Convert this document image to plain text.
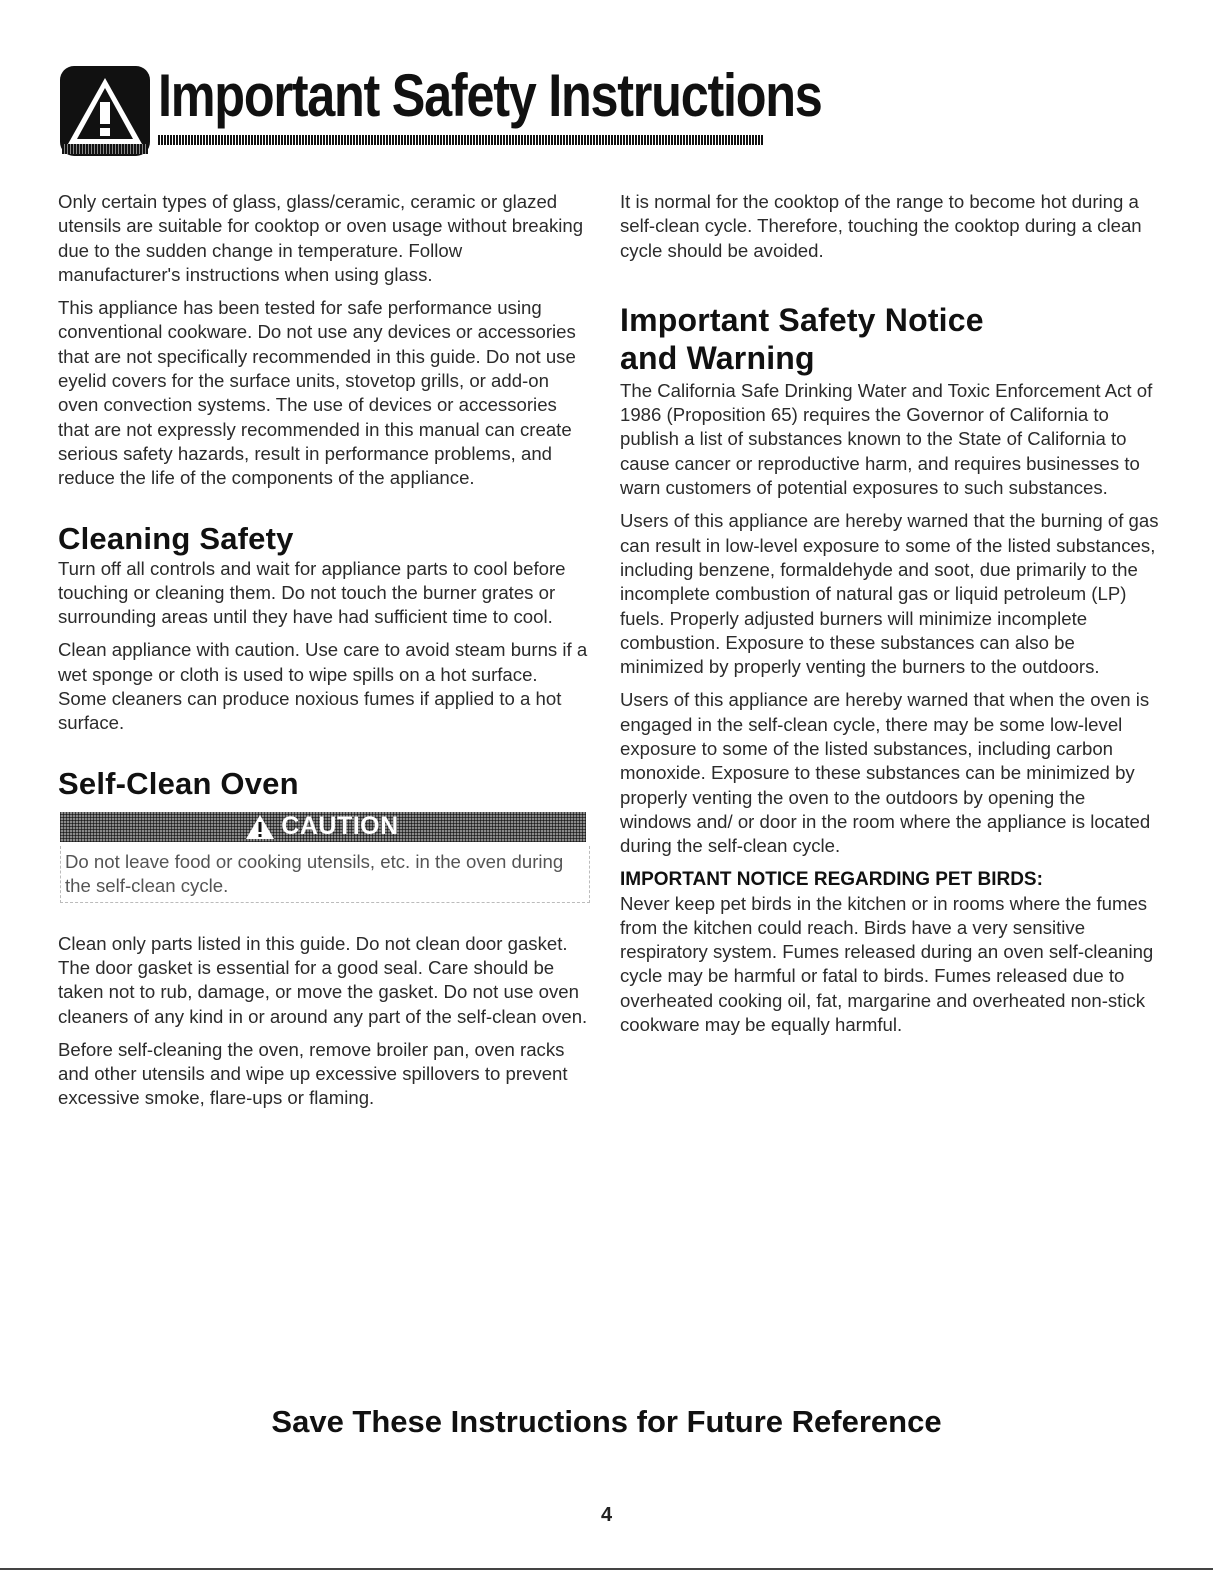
Important Safety Instructions

Only certain types of glass, glass/ceramic, ceramic or glazed utensils are suitable for cooktop or oven usage without breaking due to the sudden change in temperature. Follow manufacturer's instructions when using glass.

This appliance has been tested for safe performance using conventional cookware. Do not use any devices or accessories that are not specifically recommended in this guide. Do not use eyelid covers for the surface units, stovetop grills, or add-on oven convection systems. The use of devices or accessories that are not expressly recommended in this manual can create serious safety hazards, result in performance problems, and reduce the life of the components of the appliance.

Cleaning Safety

Turn off all controls and wait for appliance parts to cool before touching or cleaning them. Do not touch the burner grates or surrounding areas until they have had sufficient time to cool.

Clean appliance with caution. Use care to avoid steam burns if a wet sponge or cloth is used to wipe spills on a hot surface. Some cleaners can produce noxious fumes if applied to a hot surface.

Self-Clean Oven
CAUTION
Do not leave food or cooking utensils, etc. in the oven during the self-clean cycle.

Clean only parts listed in this guide. Do not clean door gasket. The door gasket is essential for a good seal. Care should be taken not to rub, damage, or move the gasket. Do not use oven cleaners of any kind in or around any part of the self-clean oven.

Before self-cleaning the oven, remove broiler pan, oven racks and other utensils and wipe up excessive spillovers to prevent excessive smoke, flare-ups or flaming.

It is normal for the cooktop of the range to become hot during a self-clean cycle. Therefore, touching the cooktop during a clean cycle should be avoided.

Important Safety Notice
and Warning

The California Safe Drinking Water and Toxic Enforcement Act of 1986 (Proposition 65) requires the Governor of California to publish a list of substances known to the State of California to cause cancer or reproductive harm, and requires businesses to warn customers of potential exposures to such substances.

Users of this appliance are hereby warned that the burning of gas can result in low-level exposure to some of the listed substances, including benzene, formaldehyde and soot, due primarily to the incomplete combustion of natural gas or liquid petroleum (LP) fuels. Properly adjusted burners will minimize incomplete combustion. Exposure to these substances can also be minimized by properly venting the burners to the outdoors.

Users of this appliance are hereby warned that when the oven is engaged in the self-clean cycle, there may be some low-level exposure to some of the listed substances, including carbon monoxide. Exposure to these substances can be minimized by properly venting the oven to the outdoors by opening the windows and/ or door in the room where the appliance is located during the self-clean cycle.

IMPORTANT NOTICE REGARDING PET BIRDS:

Never keep pet birds in the kitchen or in rooms where the fumes from the kitchen could reach. Birds have a very sensitive respiratory system. Fumes released during an oven self-cleaning cycle may be harmful or fatal to birds. Fumes released due to overheated cooking oil, fat, margarine and overheated non-stick cookware may be equally harmful.

Save These Instructions for Future Reference
4
